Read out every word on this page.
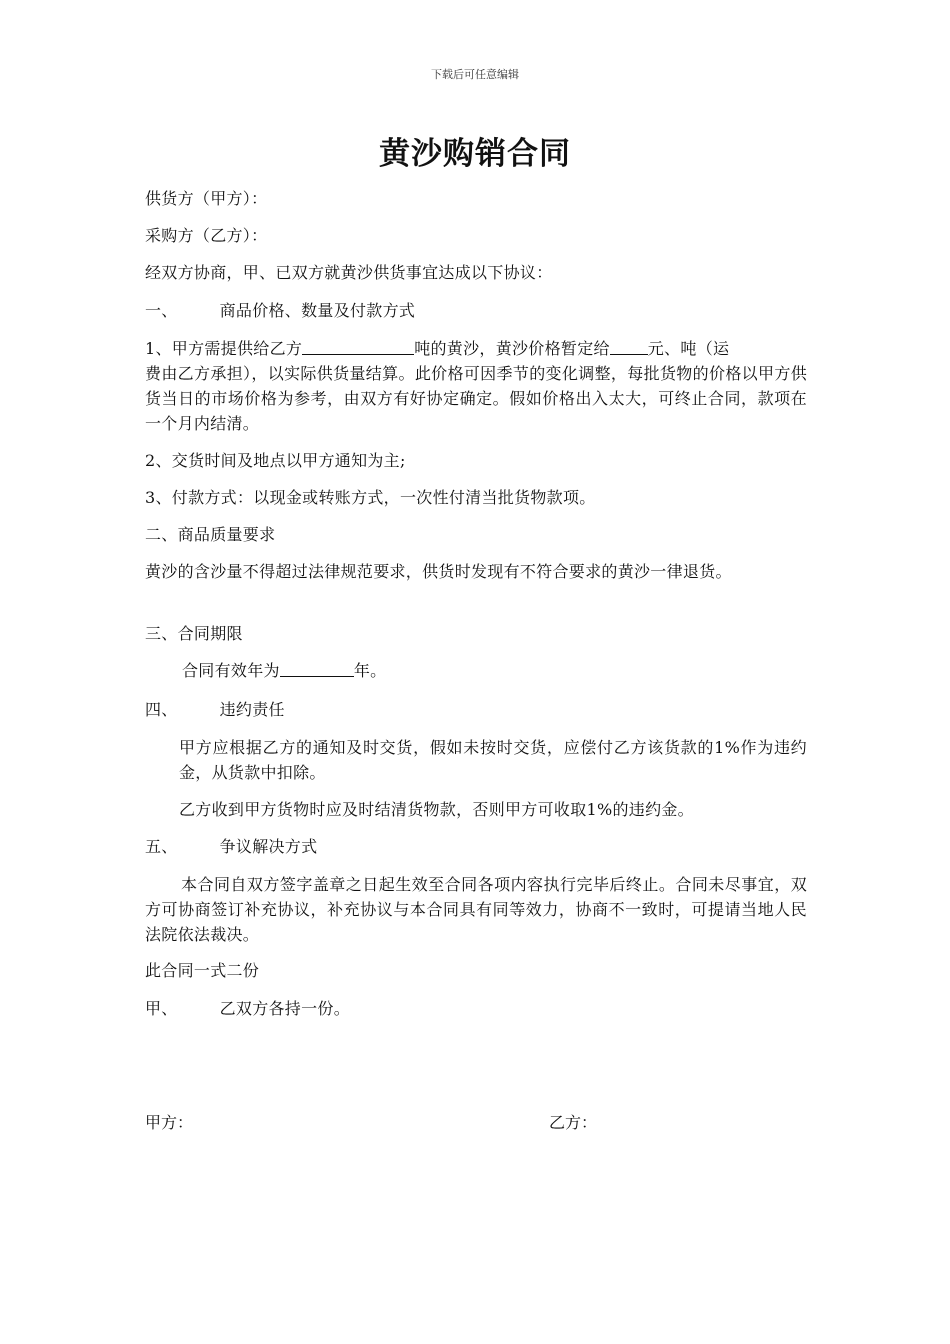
下载后可任意编辑
黄沙购销合同

供货方（甲方）：

采购方（乙方）：

经双方协商，甲、已双方就黄沙供货事宜达成以下协议：

一、	商品价格、数量及付款方式

1、甲方需提供给乙方	吨的黄沙，黄沙价格暂定给 元、吨（运

费由乙方承担），以实际供货量结算。此价格可因季节的变化调整，每批货物的价格以甲方供货当日的市场价格为参考，由双方有好协定确定。假如价格出入太大，可终止合同，款项在一个月内结清。

2、交货时间及地点以甲方通知为主;

3、付款方式：以现金或转账方式，一次性付清当批货物款项。

二、商品质量要求

黄沙的含沙量不得超过法律规范要求，供货时发现有不符合要求的黄沙一律退货。

三、合同期限

合同有效年为	年。

四、	违约责任

甲方应根据乙方的通知及时交货，假如未按时交货，应偿付乙方该货款的1%作为违约金，从货款中扣除。

乙方收到甲方货物时应及时结清货物款，否则甲方可收取1%的违约金。

五、	争议解决方式

本合同自双方签字盖章之日起生效至合同各项内容执行完毕后终止。合同未尽事宜，双方可协商签订补充协议，补充协议与本合同具有同等效力，协商不一致时，可提请当地人民法院依法裁决。

此合同一式二份

甲、	乙双方各持一份。

甲方：	乙方：
